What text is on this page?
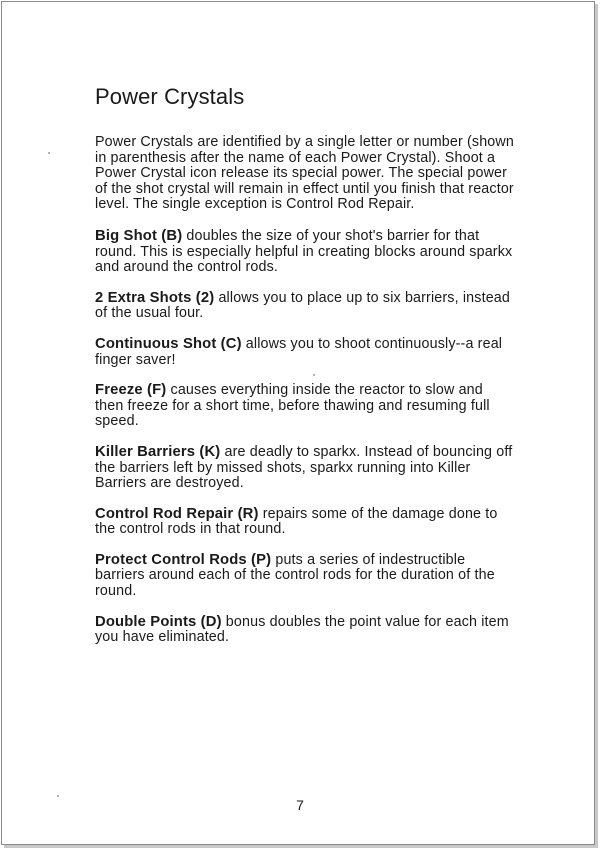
Power Crystals

Power Crystals are identified by a single letter or number (shown in parenthesis after the name of each Power Crystal). Shoot a Power Crystal icon release its special power. The special power of the shot crystal will remain in effect until you finish that reactor level. The single exception is Control Rod Repair.

Big Shot (B) doubles the size of your shot's barrier for that round. This is especially helpful in creating blocks around sparkx and around the control rods.

2 Extra Shots (2) allows you to place up to six barriers, instead of the usual four.

Continuous Shot (C) allows you to shoot continuously--a real finger saver!

Freeze (F) causes everything inside the reactor to slow and then freeze for a short time, before thawing and resuming full speed.

Killer Barriers (K) are deadly to sparkx. Instead of bouncing off the barriers left by missed shots, sparkx running into Killer Barriers are destroyed.

Control Rod Repair (R) repairs some of the damage done to the control rods in that round.

Protect Control Rods (P) puts a series of indestructible barriers around each of the control rods for the duration of the round.

Double Points (D) bonus doubles the point value for each item you have eliminated.

7
